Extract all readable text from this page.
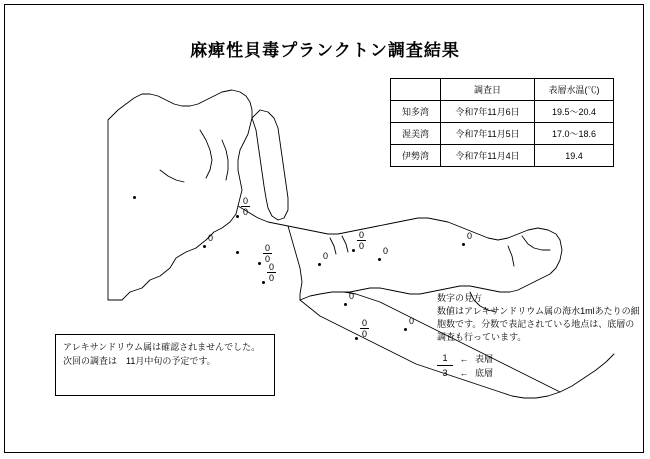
麻痺性貝毒プランクトン調査結果
	調査日	表層水温(℃)
知多湾	令和7年11月6日	19.5～20.4
渥美湾	令和7年11月5日	17.0～18.6
伊勢湾	令和7年11月4日	19.4
アレキサンドリウム属は確認されませんでした。次回の調査は　11月中旬の予定です。
数字の見方
数値はアレキサンドリウム属の海水1mlあたりの細胞数です。分数で表記されている地点は、底層の調査も行っています。
1	← 表層
3	← 底層
$\frac{0}{0}$
0
$\frac{0}{0}$	0
$\frac{0}{0} 0$
0
$\frac{0}{0}$
0
$\frac{0}{0}$	0
